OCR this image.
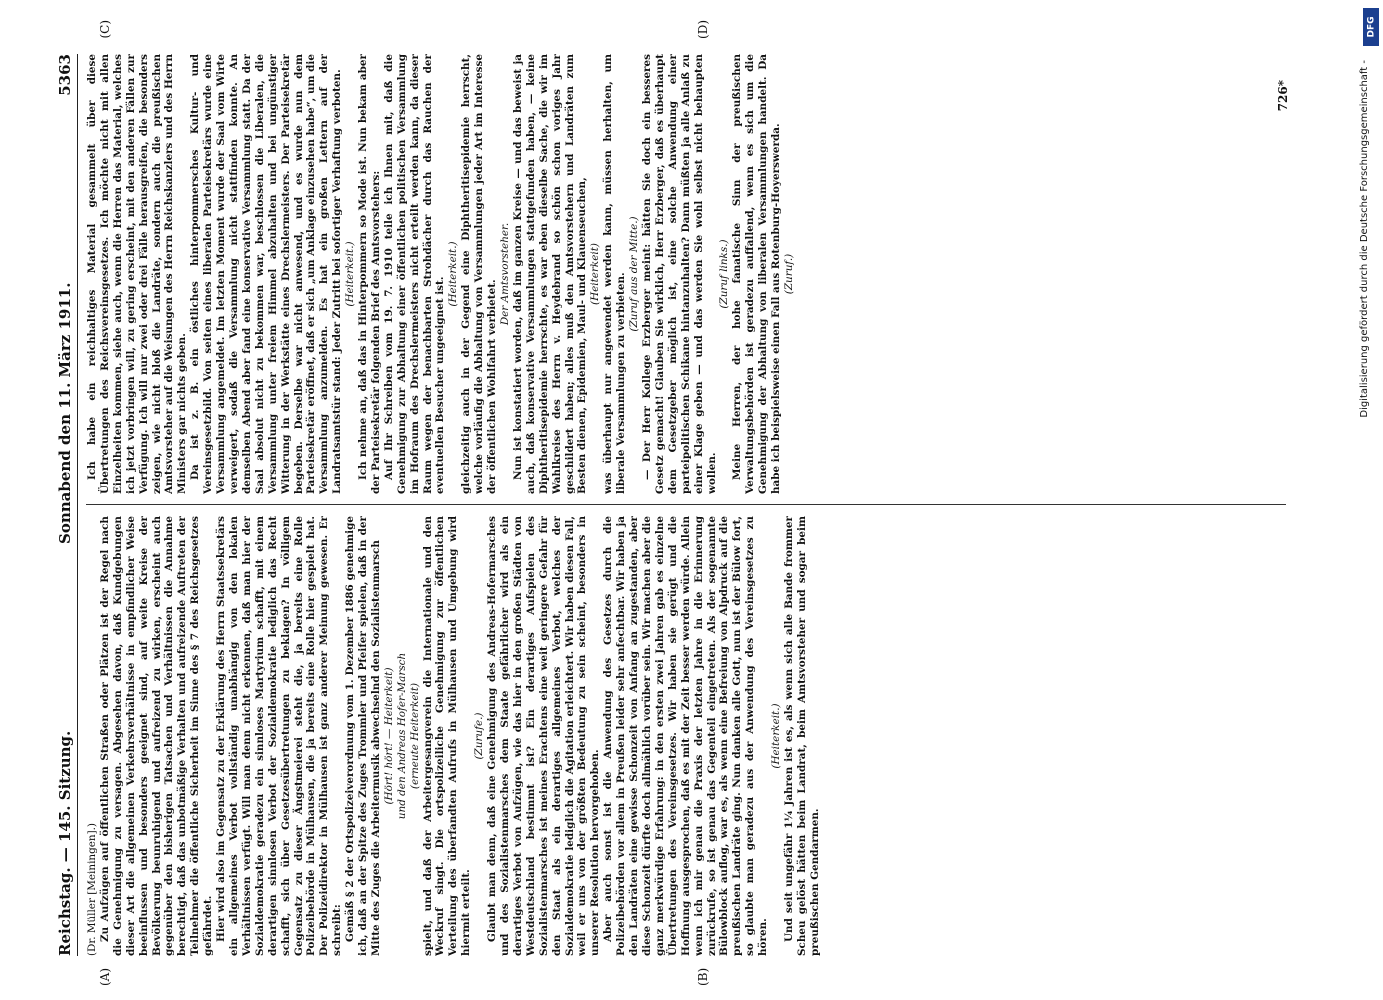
Reichstag. — 145. Sitzung.
Sonnabend den 11. März 1911.
5363

(Dr. Müller [Meiningen].) Zu Aufzügen auf öffentlichen Straßen oder Plätzen ist der Regel nach die Genehmigung zu versagen. Abgesehen davon, daß Kundgebungen dieser Art die allgemeinen Verkehrsverhältnisse in empfindlicher Weise beeinflussen und besonders geeignet sind, auf weite Kreise der Bevölkerung beunruhigend und aufreizend zu wirken, erscheint auch gegenüber den bisherigen Tatsachen und Verhältnissen die Annahme berechtigt, daß das unbotmäßige Verhalten und aufreizende Auftreten der Teilnehmer die öffentliche Sicherheit im Sinne des § 7 des Reichsgesetzes gefährdet. Hier wird also im Gegensatz zu der Erklärung des Herrn Staatssekretärs ein allgemeines Verbot vollständig unabhängig von den lokalen Verhältnissen verfügt. Will man denn nicht erkennen, daß man hier der Sozialdemokratie geradezu ein sinnloses Martyrium schafft, mit einem derartigen sinnlosen Verbot der Sozialdemokratie lediglich das Recht schafft, sich über Gesetzesübertretungen zu beklagen? In völligem Gegensatz zu dieser Ängstmeierei steht die, ja bereits eine Rolle Polizeibehörde in Mülhausen, die ja bereits eine Rolle hier gespielt hat. Der Polizeidirektor in Mülhausen ist ganz anderer Meinung gewesen. Er schreibt: Gemäß § 2 der Ortspolizeiverordnung vom 1. Dezember 1886 genehmige ich, daß an der Spitze des Zuges Trommler und Pfeifer spielen, daß in der Mitte des Zuges die Arbeitermusik abwechselnd den Sozialistenmarsch (Hört! hört! — Heiterkeit) und den Andreas Hofer-Marsch (erneute Heiterkeit) spielt, und daß der Arbeitergesangverein die Internationale und den Weckruf singt. Die ortspolizeiliche Genehmigung zur öffentlichen Verteilung des überfandten Aufrufs in Mülhausen und Umgebung wird hiermit erteilt.

(Zurufe.) Glaubt man denn, daß eine Genehmigung des Andreas-Hofermarsches und des Sozialistenmarsches dem Staate gefährlicher wird als ein derartiges Verbot von Aufzügen, wie das hier in den großen Städten von Westdeutschland bestimmt ist? Ein derartiges Aufspielen des Sozialistenmarsches ist meines Erachtens eine weit geringere Gefahr für den Staat als ein derartiges allgemeines Verbot, welches der Sozialdemokratie lediglich die Agitation erleichtert. Wir haben diesen Fall, weil er uns von der größten Bedeutung zu sein scheint, besonders in unserer Resolution hervorgehoben. Aber auch sonst ist die Anwendung des Gesetzes durch die Polizeibehörden vor allem in Preußen leider sehr anfechtbar. Wir haben ja den Landräten eine gewisse Schonzeit von Anfang an zugestanden, aber diese Schonzeit dürfte doch allmählich vorüber sein. Wir machen aber die ganz merkwürdige Erfahrung: in den ersten zwei Jahren gab es einzelne Übertretungen des Vereinsgesetzes. Wir haben sie gerügt und die Hoffnung ausgesprochen, daß es mit der Zeit besser werden würde. Allein wenn ich mir genau die Praxis der letzten Jahre in die Erinnerung zurückrufe, so ist genau das Gegenteil eingetreten. Als der sogenannte Bülowblock auflog, war es, als wenn eine Befreiung von Alpdruck auf die preußischen Landräte ging. Nun danken alle Gott, nun ist der Bülow fort, so glaubte man geradezu aus der Anwendung des Vereinsgesetzes zu hören.

(Heiterkeit.) Und seit ungefähr 1¼ Jahren ist es, als wenn sich alle Bande frommer Scheu gelöst hätten beim Landrat, beim Amtsvorsteher und sogar beim preußischen Gendarmen.

Ich habe ein reichhaltiges Material gesammelt über diese Übertretungen des Reichsvereinsgesetzes. Ich möchte nicht mit allen Einzelheiten kommen, siehe auch, wenn die Herren das Material, welches ich jetzt vorbringen will, zu gering erscheint, mit den anderen Fällen zur Verfügung. Ich will nur zwei oder drei Fälle herausgreifen, die besonders zeigen, wie nicht bloß die Landräte, sondern auch die preußischen Amtsvorsteher auf die Weisungen des Herrn Reichskanzlers und des Herrn Ministers gar nichts geben. Da ist z. B. ein östliches hinterpommersches Kultur- und Vereinsgesetzbild. Von seiten eines liberalen Parteisekretärs wurde eine Versammlung angemeldet. Im letzten Moment wurde der Saal vom Wirte verweigert, sodaß die Versammlung nicht stattfinden konnte. An demselben Abend aber fand eine konservative Versammlung statt. Da der Saal absolut nicht zu bekommen war, beschlossen die Liberalen, die Versammlung unter freiem Himmel abzuhalten und bei ungünstiger Witterung in der Werkstätte eines Drechslermeisters. Der Parteisekretär begeben. Derselbe war nicht anwesend, und es wurde nun dem Parteisekretär eröffnet, daß er sich „um Anklage einzusehen habe“, um die Versammlung anzumelden. Es hat ein großen Lettern auf der Landratsamtstür stand: Jeder Zutritt bei sofortiger Verhaftung verboten. (Heiterkeit.) Ich nehme an, daß das in Hinterpommern so Mode ist. Nun bekam aber der Parteisekretär folgenden Brief des Amtsvorstehers: Auf Ihr Schreiben vom 19. 7. 1910 teile ich Ihnen mit, daß die Genehmigung zur Abhaltung einer öffentlichen politischen Versammlung im Hofraum des Drechslermeisters nicht erteilt werden kann, da dieser Raum wegen der benachbarten Strohdächer durch das Rauchen der eventuellen Besucher ungeeignet ist.

(Heiterkeit.) gleichzeitig auch in der Gegend eine Diphtheritisepidemie herrscht, welche vorläufig die Abhaltung von Versammlungen jeder Art im Interesse der öffentlichen Wohlfahrt verbietet.

Der Amtsvorsteher. Nun ist konstatiert worden, daß im ganzen Kreise — und das beweist ja auch, daß konservative Versammlungen stattgefunden haben, — keine Diphtheritisepidemie herrschte, es war eben dieselbe Sache, die wir im Wahlkreise des Herrn v. Heydebrand so schön schon voriges Jahr geschildert haben; alles muß den Amtsvorstehern und Landräten zum Besten dienen, Epidemien, Maul- und Klauenseuchen, (Heiterkeit) was überhaupt nur angewendet werden kann, müssen herhalten, um liberale Versammlungen zu verbieten. (Zuruf aus der Mitte.) — Der Herr Kollege Erzberger meint: hätten Sie doch ein besseres Gesetz gemacht! Glauben Sie wirklich, Herr Erzberger, daß es überhaupt dem Gesetzgeber möglich ist, eine solche Anwendung einer parteipolitischen Schikane hintanzuhalten? Dann müßten ja alle Anlaß zu einer Klage geben — und das werden Sie wohl selbst nicht behaupten wollen.

(Zuruf links.) Meine Herren, der hohe fanatische Sinn der preußischen Verwaltungsbehörden ist geradezu auffallend, wenn es sich um die Genehmigung der Abhaltung von liberalen Versammlungen handelt. Da habe ich beispielsweise einen Fall aus Rotenburg-Hoyerswerda. (Zuruf.)

(A)	(B)
(C)	(D)
726*	Digitalisierung gefördert durch die Deutsche Forschungsgemeinschaft -
DFG
